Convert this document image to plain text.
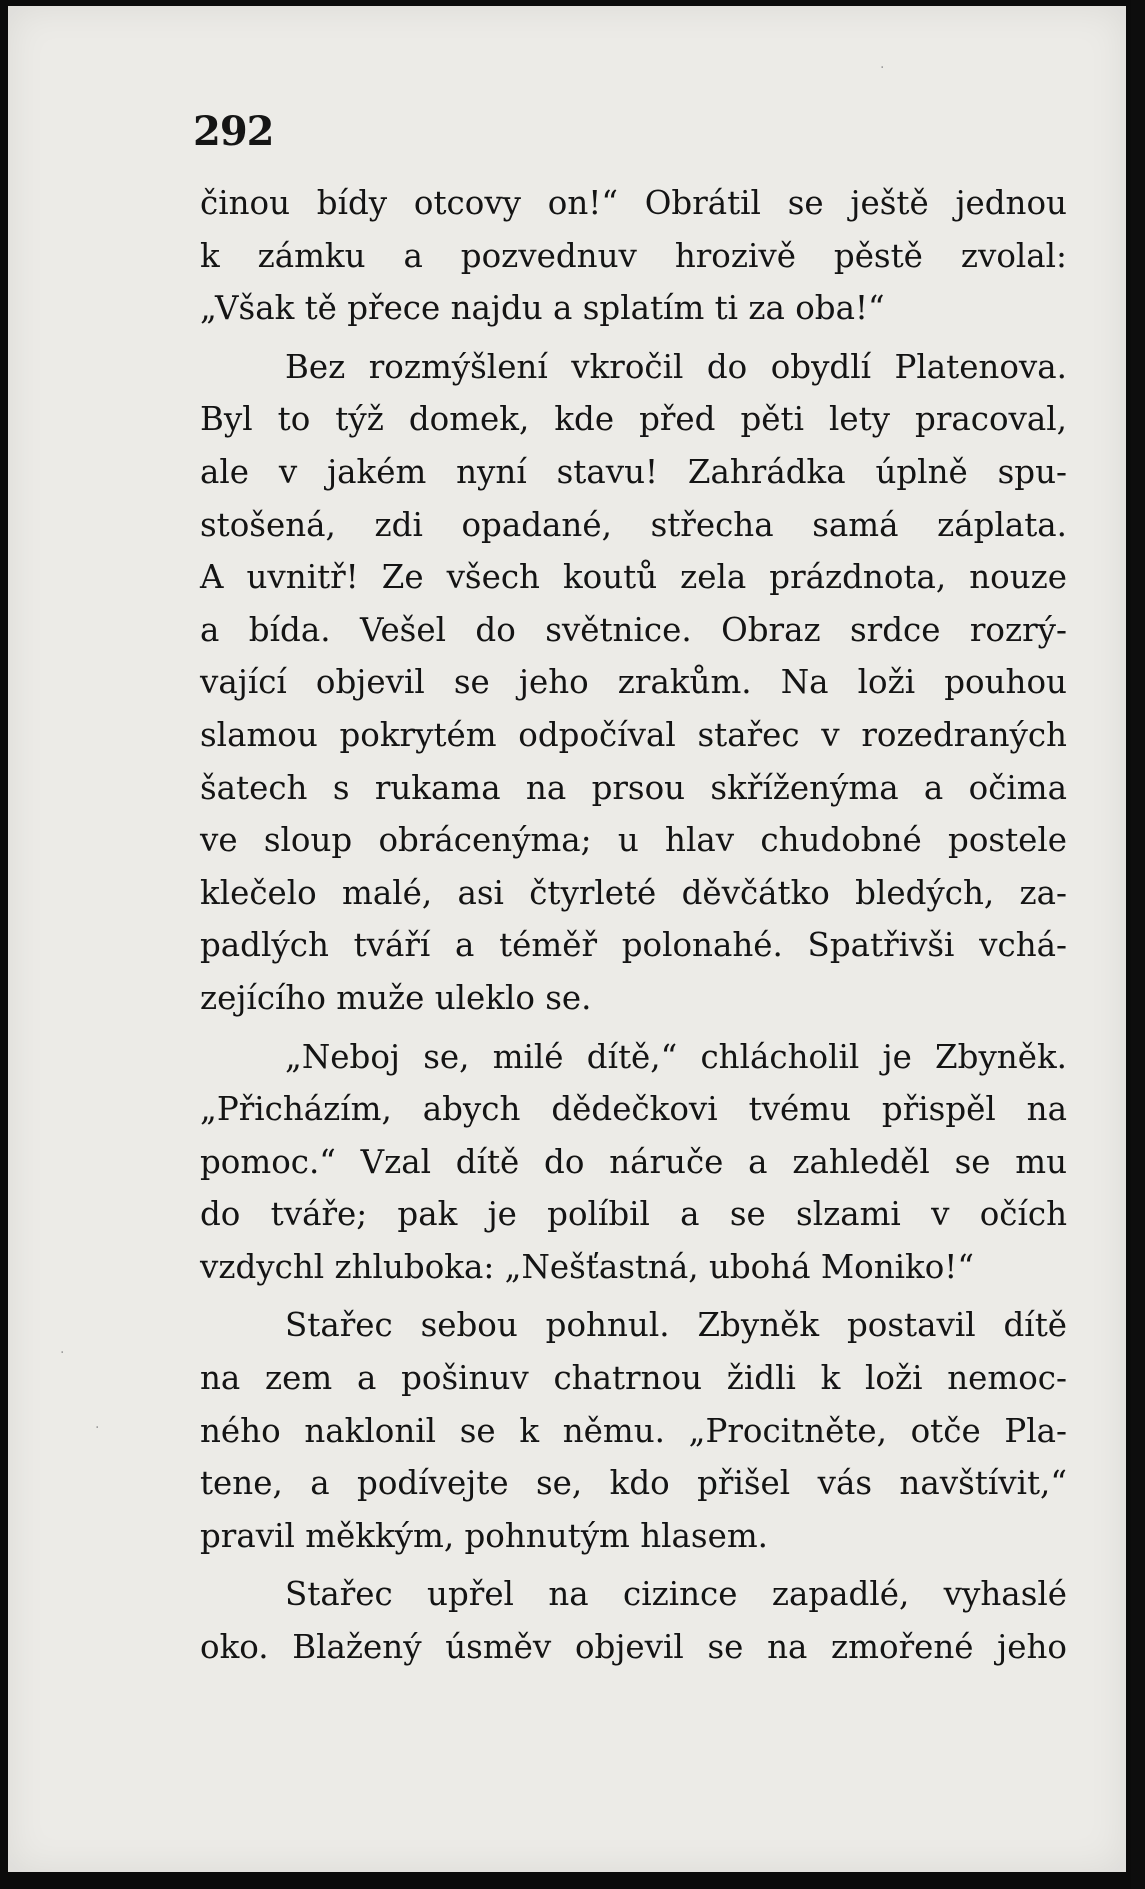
292
činou bídy otcovy on!“ Obrátil se ještě jednou
k zámku a pozvednuv hrozivě pěstě zvolal:
„Však tě přece najdu a splatím ti za oba!“
Bez rozmýšlení vkročil do obydlí Platenova.
Byl to týž domek, kde před pěti lety pracoval,
ale v jakém nyní stavu! Zahrádka úplně spu-
stošená, zdi opadané, střecha samá záplata.
A uvnitř! Ze všech koutů zela prázdnota, nouze
a bída. Vešel do světnice. Obraz srdce rozrý-
vající objevil se jeho zrakům. Na loži pouhou
slamou pokrytém odpočíval stařec v rozedraných
šatech s rukama na prsou skříženýma a očima
ve sloup obrácenýma; u hlav chudobné postele
klečelo malé, asi čtyrleté děvčátko bledých, za-
padlých tváří a téměř polonahé. Spatřivši vchá-
zejícího muže uleklo se.
„Neboj se, milé dítě,“ chlácholil je Zbyněk.
„Přicházím, abych dědečkovi tvému přispěl na
pomoc.“ Vzal dítě do náruče a zahleděl se mu
do tváře; pak je políbil a se slzami v očích
vzdychl zhluboka: „Nešťastná, ubohá Moniko!“
Stařec sebou pohnul. Zbyněk postavil dítě
na zem a pošinuv chatrnou židli k loži nemoc-
ného naklonil se k němu. „Procitněte, otče Pla-
tene, a podívejte se, kdo přišel vás navštívit,“
pravil měkkým, pohnutým hlasem.
Stařec upřel na cizince zapadlé, vyhaslé
oko. Blažený úsměv objevil se na zmořené jeho
·
·
·
